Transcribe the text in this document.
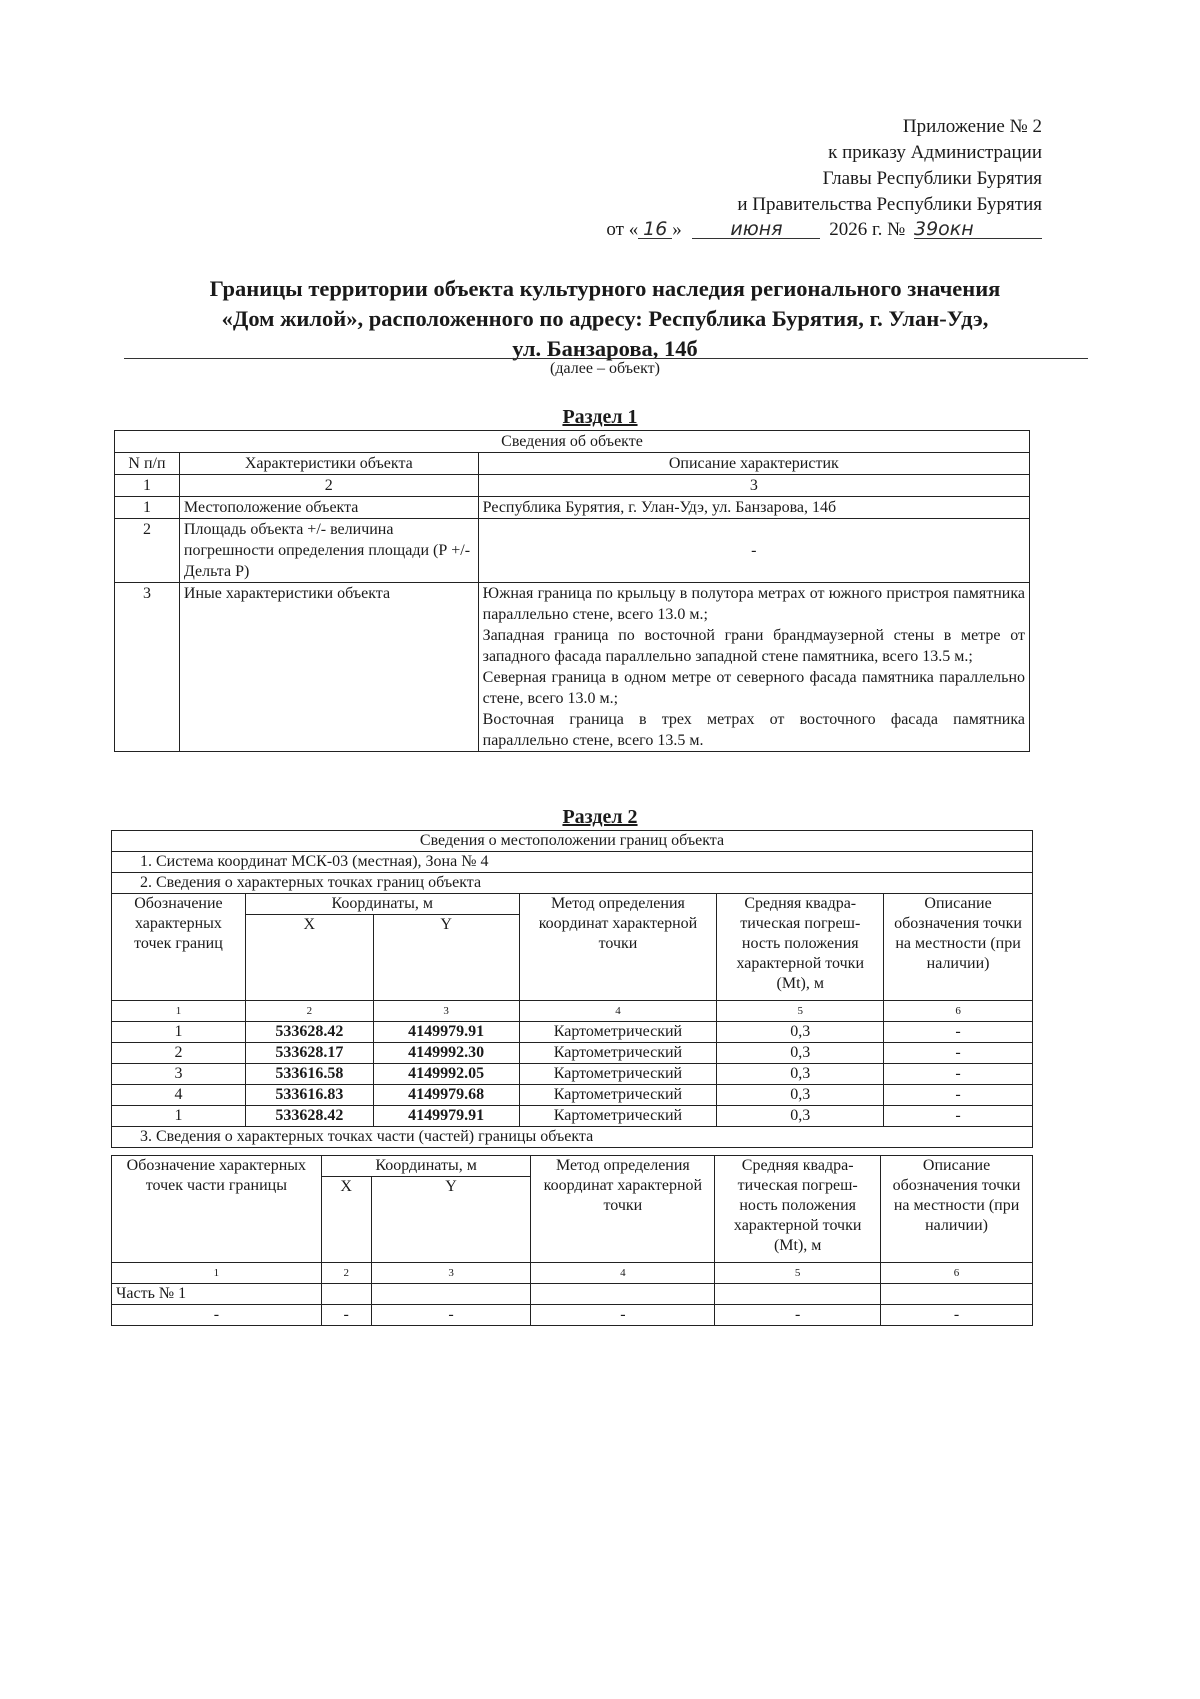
Приложение № 2
к приказу Администрации
Главы Республики Бурятия
и Правительства Республики Бурятия
от « 16 »	июня 2026 г. № 39окн
Границы территории объекта культурного наследия регионального значения
«Дом жилой», расположенного по адресу: Республика Бурятия, г. Улан-Удэ,
ул. Банзарова, 14б
(далее – объект)
Раздел 1
Сведения об объекте		
N п/п	Характеристики объекта	Описание характеристик
1	2	3
1	Местоположение объекта	Республика Бурятия, г. Улан-Удэ, ул. Банзарова, 14б
2	Площадь объекта +/- величина погрешности определения площади (Р +/- Дельта Р)	-
3	Иные характеристики объекта	Южная граница по крыльцу в полутора метрах от южного пристроя памятника параллельно стене, всего 13.0 м.;
Западная граница по восточной грани брандмаузерной стены в метре от западного фасада параллельно западной стене памятника, всего 13.5 м.;
Северная граница в одном метре от северного фасада памятника параллельно стене, всего 13.0 м.;
Восточная граница в трех метрах от восточного фасада памятника параллельно стене, всего 13.5 м.
Раздел 2
Сведения о местоположении границ объекта					
1. Система координат МСК-03 (местная), Зона № 4					
2. Сведения о характерных точках границ объекта					
Обозначение характерных точек границ	Координаты, м		Метод определения координат характерной точки	Средняя квадра-тическая погреш-ность положения характерной точки (Mt), м	Описание обозначения точки на местности (при наличии)
	X	Y			
1	2	3	4	5	6
1	533628.42	4149979.91	Картометрический	0,3	-
2	533628.17	4149992.30	Картометрический	0,3	-
3	533616.58	4149992.05	Картометрический	0,3	-
4	533616.83	4149979.68	Картометрический	0,3	-
1	533628.42	4149979.91	Картометрический	0,3	-
3. Сведения о характерных точках части (частей) границы объекта					
Обозначение характерных точек части границы	Координаты, м		Метод определения координат характерной точки	Средняя квадра-тическая погреш-ность положения характерной точки (Mt), м	Описание обозначения точки на местности (при наличии)
	X	Y			
1	2	3	4	5	6
Часть № 1					
-	-	-	-	-	-
